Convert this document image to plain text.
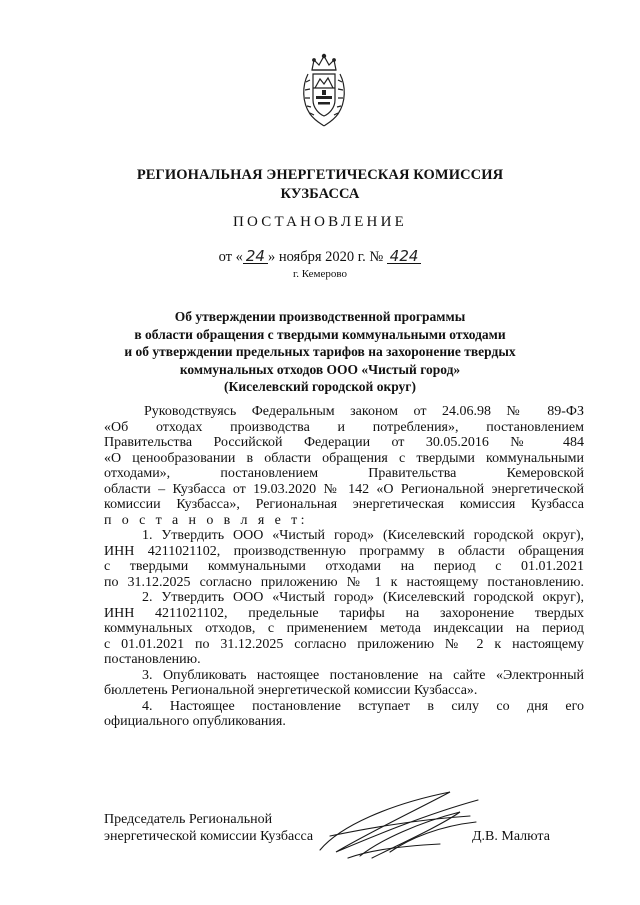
РЕГИОНАЛЬНАЯ ЭНЕРГЕТИЧЕСКАЯ КОМИССИЯ
КУЗБАССА
ПОСТАНОВЛЕНИЕ
от « 24 » ноября 2020 г. № 424
г. Кемерово
Об утверждении производственной программы
в области обращения с твердыми коммунальными отходами
и об утверждении предельных тарифов на захоронение твердых
коммунальных отходов ООО «Чистый город»
(Киселевский городской округ)
Руководствуясь Федеральным законом от 24.06.98 № 89-ФЗ
«Об отходах производства и потребления», постановлением
Правительства Российской Федерации от 30.05.2016 № 484
«О ценообразовании в области обращения с твердыми коммунальными
отходами», постановлением Правительства Кемеровской
области – Кузбасса от 19.03.2020 № 142 «О Региональной энергетической
комиссии Кузбасса», Региональная энергетическая комиссия Кузбасса
п о с т а н о в л я е т:
1. Утвердить ООО «Чистый город» (Киселевский городской округ),
ИНН 4211021102, производственную программу в области обращения
с твердыми коммунальными отходами на период с 01.01.2021
по 31.12.2025 согласно приложению № 1 к настоящему постановлению.
2. Утвердить ООО «Чистый город» (Киселевский городской округ),
ИНН 4211021102, предельные тарифы на захоронение твердых
коммунальных отходов, с применением метода индексации на период
с 01.01.2021 по 31.12.2025 согласно приложению № 2 к настоящему
постановлению.
3. Опубликовать настоящее постановление на сайте «Электронный
бюллетень Региональной энергетической комиссии Кузбасса».
4. Настоящее постановление вступает в силу со дня его
официального опубликования.
Председатель Региональной
энергетической комиссии Кузбасса	Д.В. Малюта
